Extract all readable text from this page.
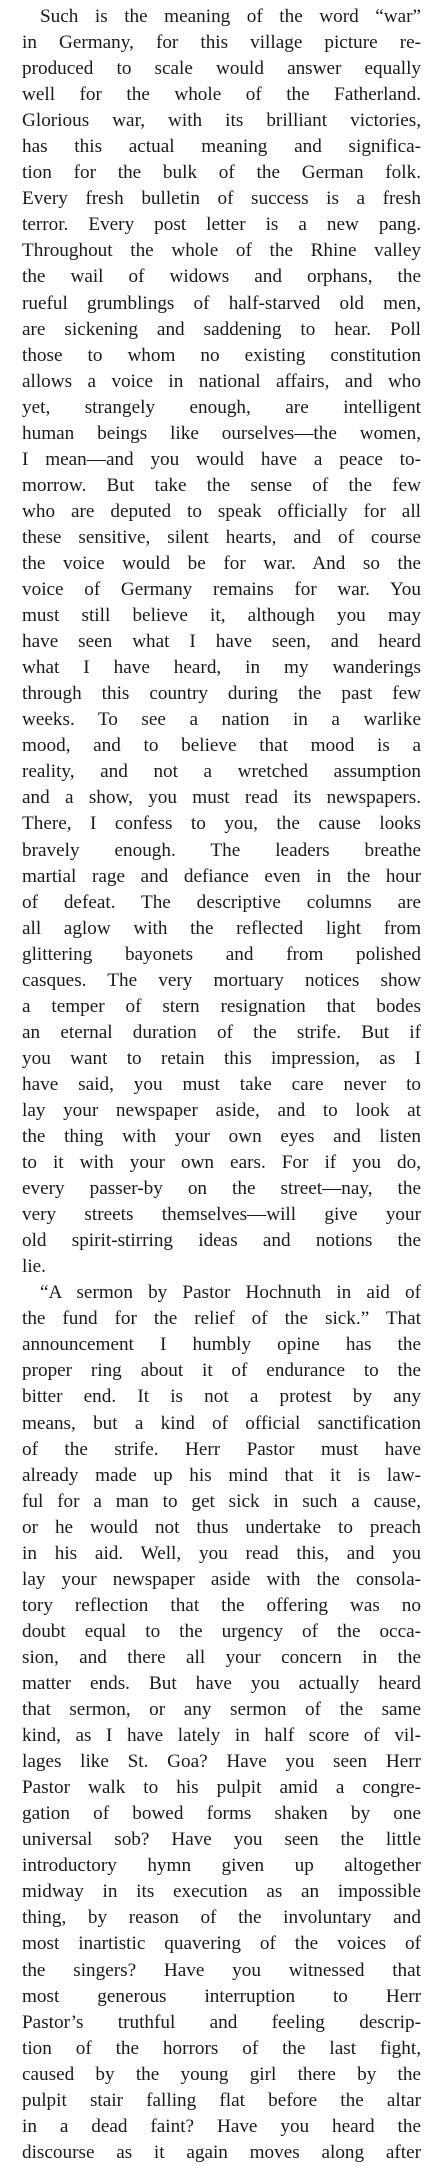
Such is the meaning of the word “war”
in Germany, for this village picture re-
produced to scale would answer equally
well for the whole of the Fatherland.
Glorious war, with its brilliant victories,
has this actual meaning and significa-
tion for the bulk of the German folk.
Every fresh bulletin of success is a fresh
terror. Every post letter is a new pang.
Throughout the whole of the Rhine valley
the wail of widows and orphans, the
rueful grumblings of half-starved old men,
are sickening and saddening to hear. Poll
those to whom no existing constitution
allows a voice in national affairs, and who
yet, strangely enough, are intelligent
human beings like ourselves—the women,
I mean—and you would have a peace to-
morrow. But take the sense of the few
who are deputed to speak officially for all
these sensitive, silent hearts, and of course
the voice would be for war. And so the
voice of Germany remains for war. You
must still believe it, although you may
have seen what I have seen, and heard
what I have heard, in my wanderings
through this country during the past few
weeks. To see a nation in a warlike
mood, and to believe that mood is a
reality, and not a wretched assumption
and a show, you must read its newspapers.
There, I confess to you, the cause looks
bravely enough. The leaders breathe
martial rage and defiance even in the hour
of defeat. The descriptive columns are
all aglow with the reflected light from
glittering bayonets and from polished
casques. The very mortuary notices show
a temper of stern resignation that bodes
an eternal duration of the strife. But if
you want to retain this impression, as I
have said, you must take care never to
lay your newspaper aside, and to look at
the thing with your own eyes and listen
to it with your own ears. For if you do,
every passer-by on the street—nay, the
very streets themselves—will give your
old spirit-stirring ideas and notions the
lie.
“A sermon by Pastor Hochnuth in aid of
the fund for the relief of the sick.” That
announcement I humbly opine has the
proper ring about it of endurance to the
bitter end. It is not a protest by any
means, but a kind of official sanctification
of the strife. Herr Pastor must have
already made up his mind that it is law-
ful for a man to get sick in such a cause,
or he would not thus undertake to preach
in his aid. Well, you read this, and you
lay your newspaper aside with the consola-
tory reflection that the offering was no
doubt equal to the urgency of the occa-
sion, and there all your concern in the
matter ends. But have you actually heard
that sermon, or any sermon of the same
kind, as I have lately in half score of vil-
lages like St. Goa? Have you seen Herr
Pastor walk to his pulpit amid a congre-
gation of bowed forms shaken by one
universal sob? Have you seen the little
introductory hymn given up altogether
midway in its execution as an impossible
thing, by reason of the involuntary and
most inartistic quavering of the voices of
the singers? Have you witnessed that
most generous interruption to Herr
Pastor’s truthful and feeling descrip-
tion of the horrors of the last fight,
caused by the young girl there by the
pulpit stair falling flat before the altar
in a dead faint? Have you heard the
discourse as it again moves along after
